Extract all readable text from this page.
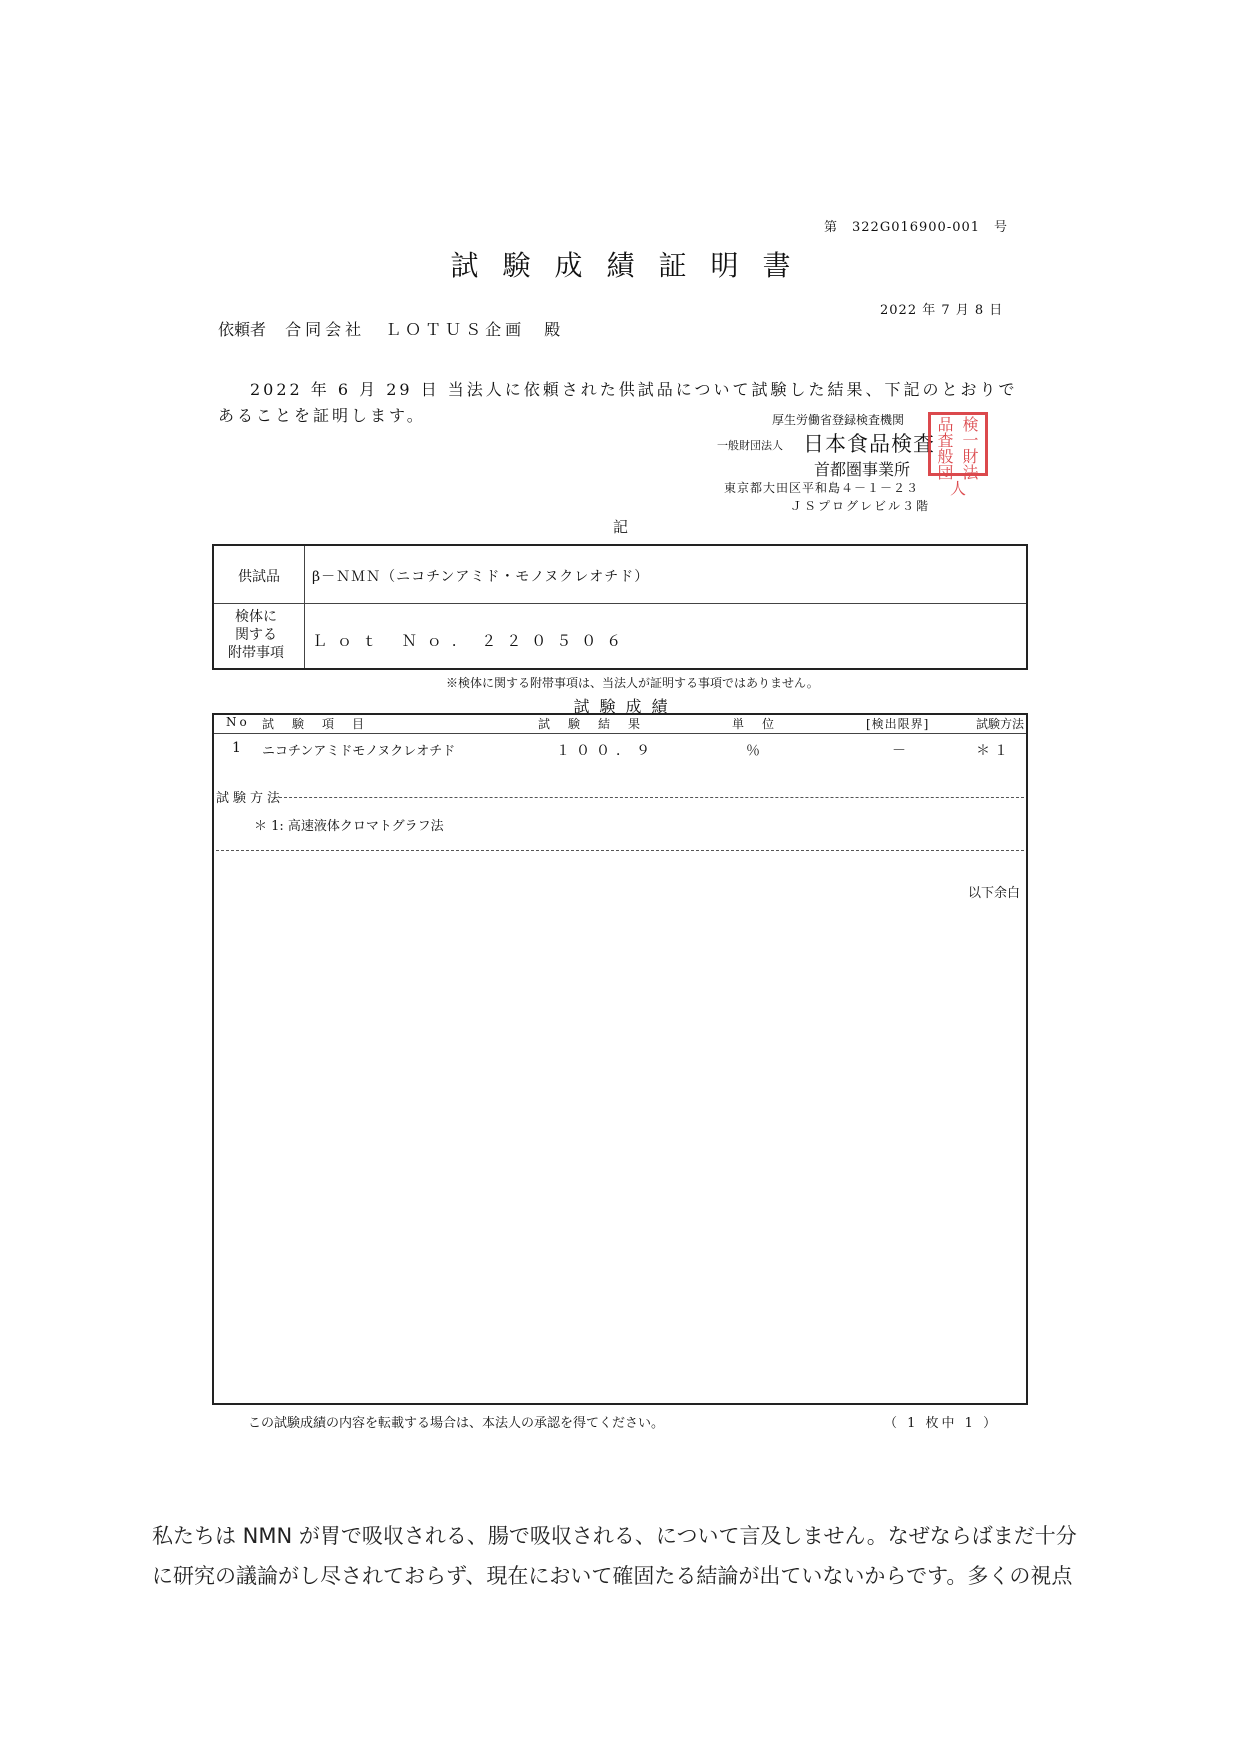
第　322G016900-001　号
試験成績証明書
2022 年 7 月 8 日
依頼者 合同会社　ＬＯＴＵＳ企画 殿
2022 年 6 月 29 日 当法人に依頼された供試品について試験した結果、下記のとおりであることを証明します。	厚生労働省登録検査機関
一般財団法人 日本食品検査
首都圏事業所
東京都大田区平和島４－１－２３
ＪＳプログレビル３階
品 検
査 一
般 財
団 法
人
記
供試品 β－ＮＭＮ（ニコチンアミド・モノヌクレオチド）
検体に
関する
附帯事項
Ｌｏｔ Ｎｏ. ２２０５０６
※検体に関する附帯事項は、当法人が証明する事項ではありません。
試験成績
No 試　験　項　目	試　験　結　果	単　位	[検出限界]	試験方法
1 ニコチンアミドモノヌクレオチド	１００．９	％	－	＊１
試験方法
＊ 1: 高速液体クロマトグラフ法
以下余白
この試験成績の内容を転載する場合は、本法人の承認を得てください。	（ 1 枚中 1 ）
私たちは NMN が胃で吸収される、腸で吸収される、について言及しません。なぜならばまだ十分に研究の議論がし尽されておらず、現在において確固たる結論が出ていないからです。多くの視点
